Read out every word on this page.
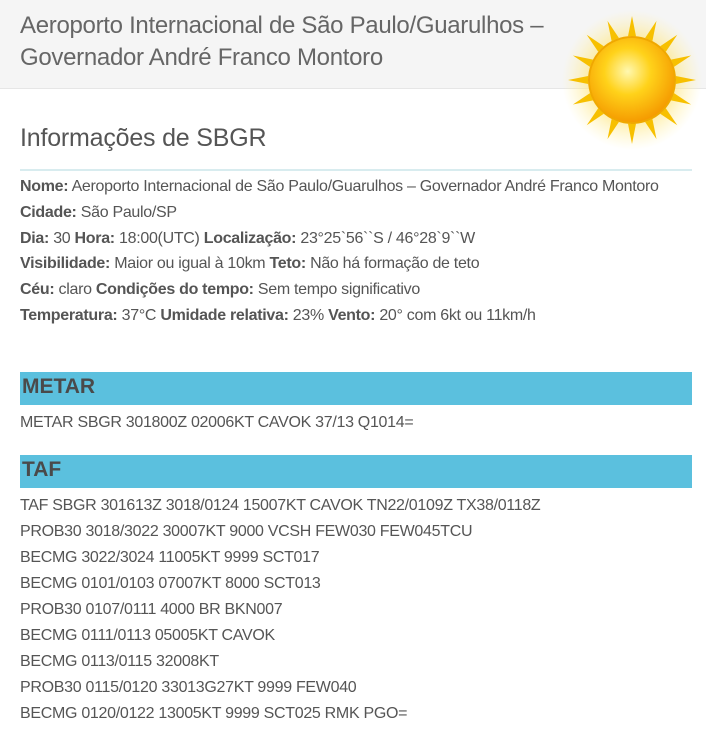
Aeroporto Internacional de São Paulo/Guarulhos – Governador André Franco Montoro
Informações de SBGR
Nome: Aeroporto Internacional de São Paulo/Guarulhos – Governador André Franco Montoro
Cidade: São Paulo/SP
Dia: 30 Hora: 18:00(UTC) Localização: 23°25`56``S / 46°28`9``W
Visibilidade: Maior ou igual à 10km Teto: Não há formação de teto
Céu: claro Condições do tempo: Sem tempo significativo
Temperatura: 37°C Umidade relativa: 23% Vento: 20° com 6kt ou 11km/h
METAR
METAR SBGR 301800Z 02006KT CAVOK 37/13 Q1014=
TAF
TAF SBGR 301613Z 3018/0124 15007KT CAVOK TN22/0109Z TX38/0118Z
PROB30 3018/3022 30007KT 9000 VCSH FEW030 FEW045TCU
BECMG 3022/3024 11005KT 9999 SCT017
BECMG 0101/0103 07007KT 8000 SCT013
PROB30 0107/0111 4000 BR BKN007
BECMG 0111/0113 05005KT CAVOK
BECMG 0113/0115 32008KT
PROB30 0115/0120 33013G27KT 9999 FEW040
BECMG 0120/0122 13005KT 9999 SCT025 RMK PGO=
